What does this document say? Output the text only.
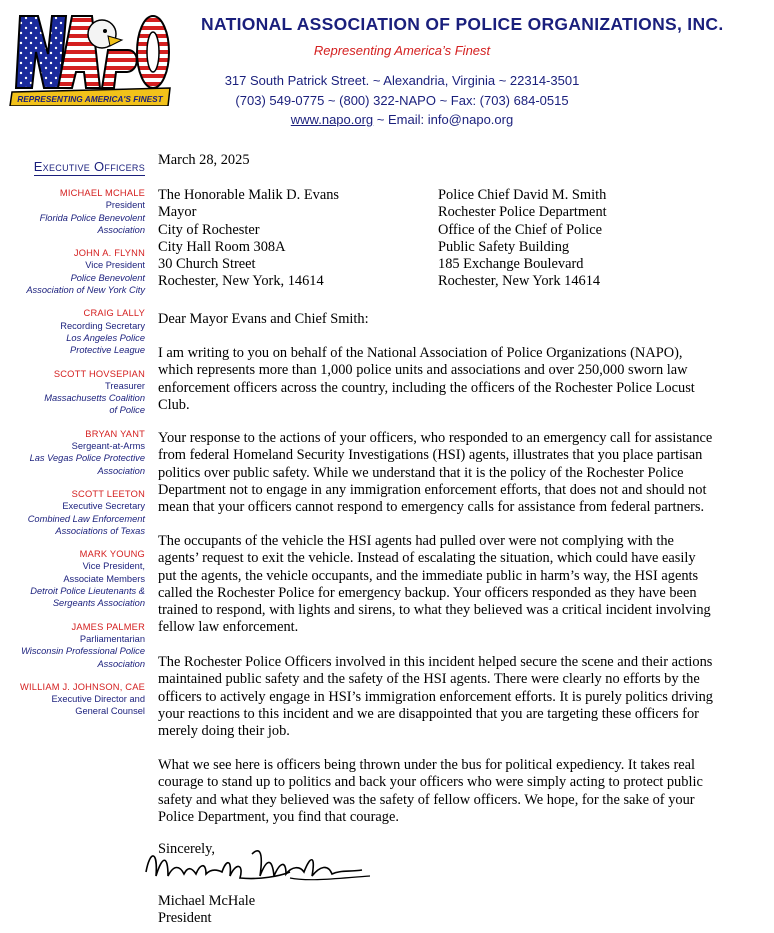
REPRESENTING AMERICA'S FINEST
NATIONAL ASSOCIATION OF POLICE ORGANIZATIONS, INC.
Representing America’s Finest
317 South Patrick Street. ~ Alexandria, Virginia ~ 22314-3501
(703) 549-0775 ~ (800) 322-NAPO ~ Fax: (703) 684-0515
www.napo.org ~ Email: info@napo.org
Executive Officers
MICHAEL MCHALE
President
Florida Police Benevolent
Association
JOHN A. FLYNN
Vice President
Police Benevolent
Association of New York City
CRAIG LALLY
Recording Secretary
Los Angeles Police
Protective League
SCOTT HOVSEPIAN
Treasurer
Massachusetts Coalition
of Police
BRYAN YANT
Sergeant-at-Arms
Las Vegas Police Protective
Association
SCOTT LEETON
Executive Secretary
Combined Law Enforcement
Associations of Texas
MARK YOUNG
Vice President,
Associate Members
Detroit Police Lieutenants &
Sergeants Association
JAMES PALMER
Parliamentarian
Wisconsin Professional Police
Association
WILLIAM J. JOHNSON, CAE
Executive Director and
General Counsel
March 28, 2025
The Honorable Malik D. Evans
Mayor
City of Rochester
City Hall Room 308A
30 Church Street
Rochester, New York, 14614
Police Chief David M. Smith
Rochester Police Department
Office of the Chief of Police
Public Safety Building
185 Exchange Boulevard
Rochester, New York 14614
Dear Mayor Evans and Chief Smith:

I am writing to you on behalf of the National Association of Police Organizations (NAPO),
which represents more than 1,000 police units and associations and over 250,000 sworn law
enforcement officers across the country, including the officers of the Rochester Police Locust
Club.

Your response to the actions of your officers, who responded to an emergency call for assistance
from federal Homeland Security Investigations (HSI) agents, illustrates that you place partisan
politics over public safety. While we understand that it is the policy of the Rochester Police
Department not to engage in any immigration enforcement efforts, that does not and should not
mean that your officers cannot respond to emergency calls for assistance from federal partners.

The occupants of the vehicle the HSI agents had pulled over were not complying with the
agents’ request to exit the vehicle. Instead of escalating the situation, which could have easily
put the agents, the vehicle occupants, and the immediate public in harm’s way, the HSI agents
called the Rochester Police for emergency backup. Your officers responded as they have been
trained to respond, with lights and sirens, to what they believed was a critical incident involving
fellow law enforcement.

The Rochester Police Officers involved in this incident helped secure the scene and their actions
maintained public safety and the safety of the HSI agents. There were clearly no efforts by the
officers to actively engage in HSI’s immigration enforcement efforts. It is purely politics driving
your reactions to this incident and we are disappointed that you are targeting these officers for
merely doing their job.

What we see here is officers being thrown under the bus for political expediency. It takes real
courage to stand up to politics and back your officers who were simply acting to protect public
safety and what they believed was the safety of fellow officers. We hope, for the sake of your
Police Department, you find that courage.

Sincerely,
Michael McHale
President
